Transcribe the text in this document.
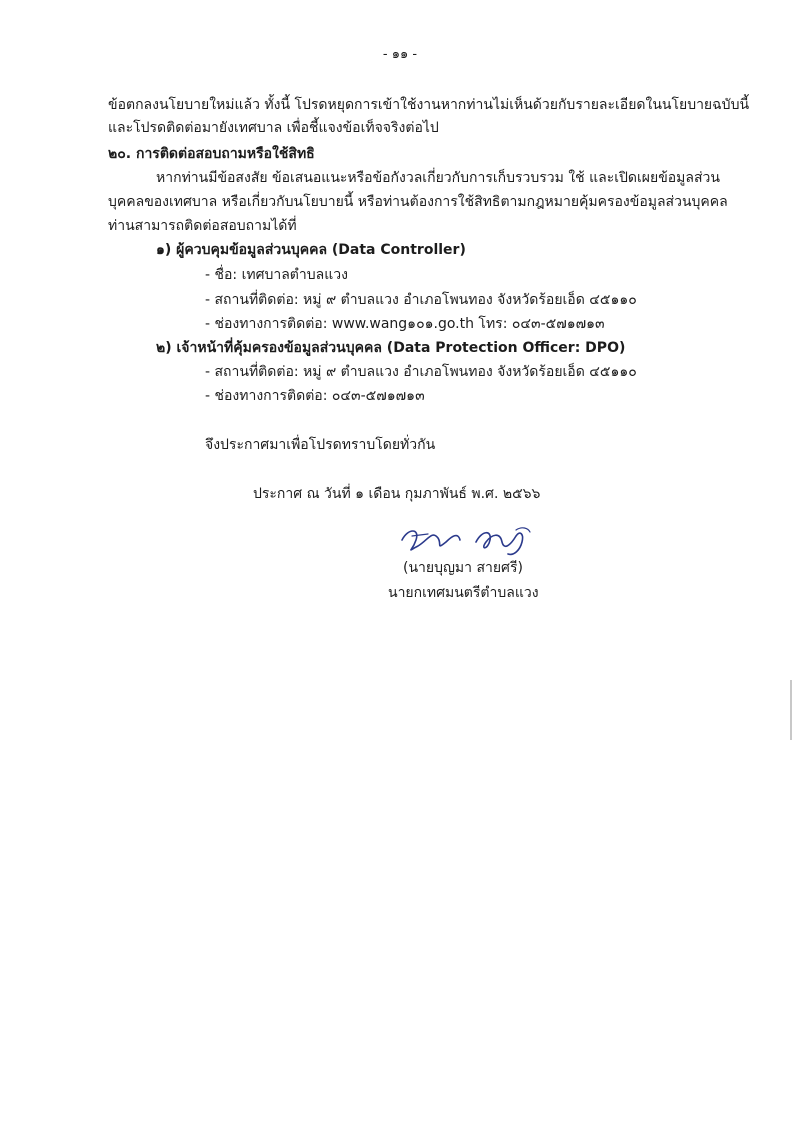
- ๑๑ -
ข้อตกลงนโยบายใหม่แล้ว ทั้งนี้ โปรดหยุดการเข้าใช้งานหากท่านไม่เห็นด้วยกับรายละเอียดในนโยบายฉบับนี้
และโปรดติดต่อมายังเทศบาล เพื่อชี้แจงข้อเท็จจริงต่อไป
๒๐. การติดต่อสอบถามหรือใช้สิทธิ
หากท่านมีข้อสงสัย ข้อเสนอแนะหรือข้อกังวลเกี่ยวกับการเก็บรวบรวม ใช้ และเปิดเผยข้อมูลส่วน
บุคคลของเทศบาล หรือเกี่ยวกับนโยบายนี้ หรือท่านต้องการใช้สิทธิตามกฎหมายคุ้มครองข้อมูลส่วนบุคคล
ท่านสามารถติดต่อสอบถามได้ที่
๑) ผู้ควบคุมข้อมูลส่วนบุคคล (Data Controller)
- ชื่อ: เทศบาลตำบลแวง
- สถานที่ติดต่อ: หมู่ ๙ ตำบลแวง อำเภอโพนทอง จังหวัดร้อยเอ็ด ๔๕๑๑๐
- ช่องทางการติดต่อ: www.wang๑๐๑.go.th โทร: ๐๔๓-๕๗๑๗๑๓
๒) เจ้าหน้าที่คุ้มครองข้อมูลส่วนบุคคล (Data Protection Officer: DPO)
- สถานที่ติดต่อ: หมู่ ๙ ตำบลแวง อำเภอโพนทอง จังหวัดร้อยเอ็ด ๔๕๑๑๐
- ช่องทางการติดต่อ: ๐๔๓-๕๗๑๗๑๓
จึงประกาศมาเพื่อโปรดทราบโดยทั่วกัน
ประกาศ ณ วันที่ ๑ เดือน กุมภาพันธ์ พ.ศ. ๒๕๖๖
(นายบุญมา สายศรี)
นายกเทศมนตรีตำบลแวง
